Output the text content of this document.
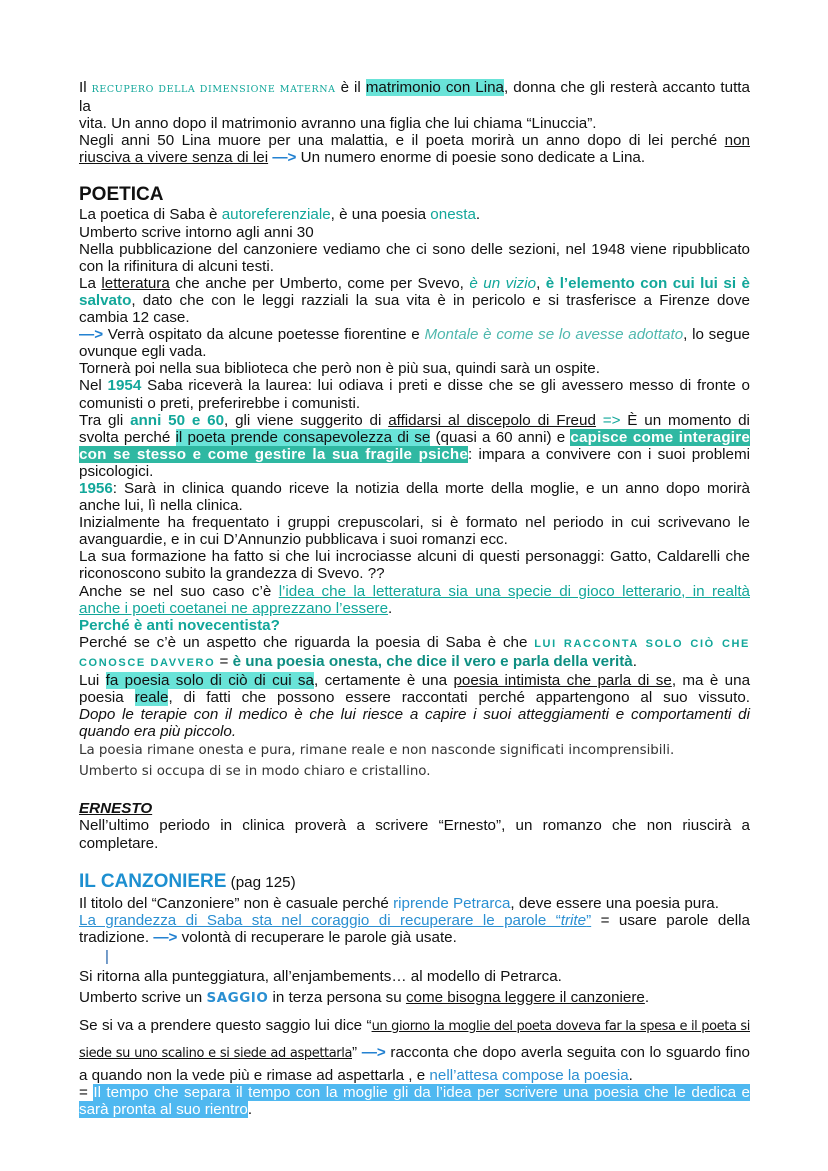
Il RECUPERO DELLA DIMENSIONE MATERNA è il matrimonio con Lina, donna che gli resterà accanto tutta la
vita. Un anno dopo il matrimonio avranno una figlia che lui chiama “Linuccia”.
Negli anni 50 Lina muore per una malattia, e il poeta morirà un anno dopo di lei perché non
riusciva a vivere senza di lei —> Un numero enorme di poesie sono dedicate a Lina.
POETICA
La poetica di Saba è autoreferenziale, è una poesia onesta.
Umberto scrive intorno agli anni 30
Nella pubblicazione del canzoniere vediamo che ci sono delle sezioni, nel 1948 viene ripubblicato
con la rifinitura di alcuni testi.
La letteratura che anche per Umberto, come per Svevo, è un vizio, è l’elemento con cui lui si è
salvato, dato che con le leggi razziali la sua vita è in pericolo e si trasferisce a Firenze dove
cambia 12 case.
—> Verrà ospitato da alcune poetesse fiorentine e Montale è come se lo avesse adottato, lo segue
ovunque egli vada.
Tornerà poi nella sua biblioteca che però non è più sua, quindi sarà un ospite.
Nel 1954 Saba riceverà la laurea: lui odiava i preti e disse che se gli avessero messo di fronte o
comunisti o preti, preferirebbe i comunisti.
Tra gli anni 50 e 60, gli viene suggerito di affidarsi al discepolo di Freud => È un momento di
svolta perché il poeta prende consapevolezza di se (quasi a 60 anni) e capisce come interagire
con se stesso e come gestire la sua fragile psiche: impara a convivere con i suoi problemi
psicologici.
1956: Sarà in clinica quando riceve la notizia della morte della moglie, e un anno dopo morirà
anche lui, lì nella clinica.
Inizialmente ha frequentato i gruppi crepuscolari, si è formato nel periodo in cui scrivevano le
avanguardie, e in cui D’Annunzio pubblicava i suoi romanzi ecc.
La sua formazione ha fatto si che lui incrociasse alcuni di questi personaggi: Gatto, Caldarelli che
riconoscono subito la grandezza di Svevo. ??
Anche se nel suo caso c’è l’idea che la letteratura sia una specie di gioco letterario, in realtà
anche i poeti coetanei ne apprezzano l’essere.
Perché è anti novecentista?
Perché se c’è un aspetto che riguarda la poesia di Saba è che LUI RACCONTA SOLO CIÒ CHE
CONOSCE DAVVERO = è una poesia onesta, che dice il vero e parla della verità.
Lui fa poesia solo di ciò di cui sa, certamente è una poesia intimista che parla di se, ma è una
poesia reale, di fatti che possono essere raccontati perché appartengono al suo vissuto.
Dopo le terapie con il medico è che lui riesce a capire i suoi atteggiamenti e comportamenti di
quando era più piccolo.
La poesia rimane onesta e pura, rimane reale e non nasconde significati incomprensibili.
Umberto si occupa di se in modo chiaro e cristallino.
ERNESTO
Nell’ultimo periodo in clinica proverà a scrivere “Ernesto”, un romanzo che non riuscirà a
completare.
IL CANZONIERE (pag 125)
Il titolo del “Canzoniere” non è casuale perché riprende Petrarca, deve essere una poesia pura.
La grandezza di Saba sta nel coraggio di recuperare le parole “trite” = usare parole della
tradizione. —> volontà di recuperare le parole già usate.
|
Si ritorna alla punteggiatura, all’enjambements… al modello di Petrarca.
Umberto scrive un SAGGIO in terza persona su come bisogna leggere il canzoniere.
Se si va a prendere questo saggio lui dice “un giorno la moglie del poeta doveva far la spesa e il poeta si
siede su uno scalino e si siede ad aspettarla” —> racconta che dopo averla seguita con lo sguardo fino
a quando non la vede più e rimase ad aspettarla , e nell’attesa compose la poesia.
= Il tempo che separa il tempo con la moglie gli da l’idea per scrivere una poesia che le dedica e
sarà pronta al suo rientro.
